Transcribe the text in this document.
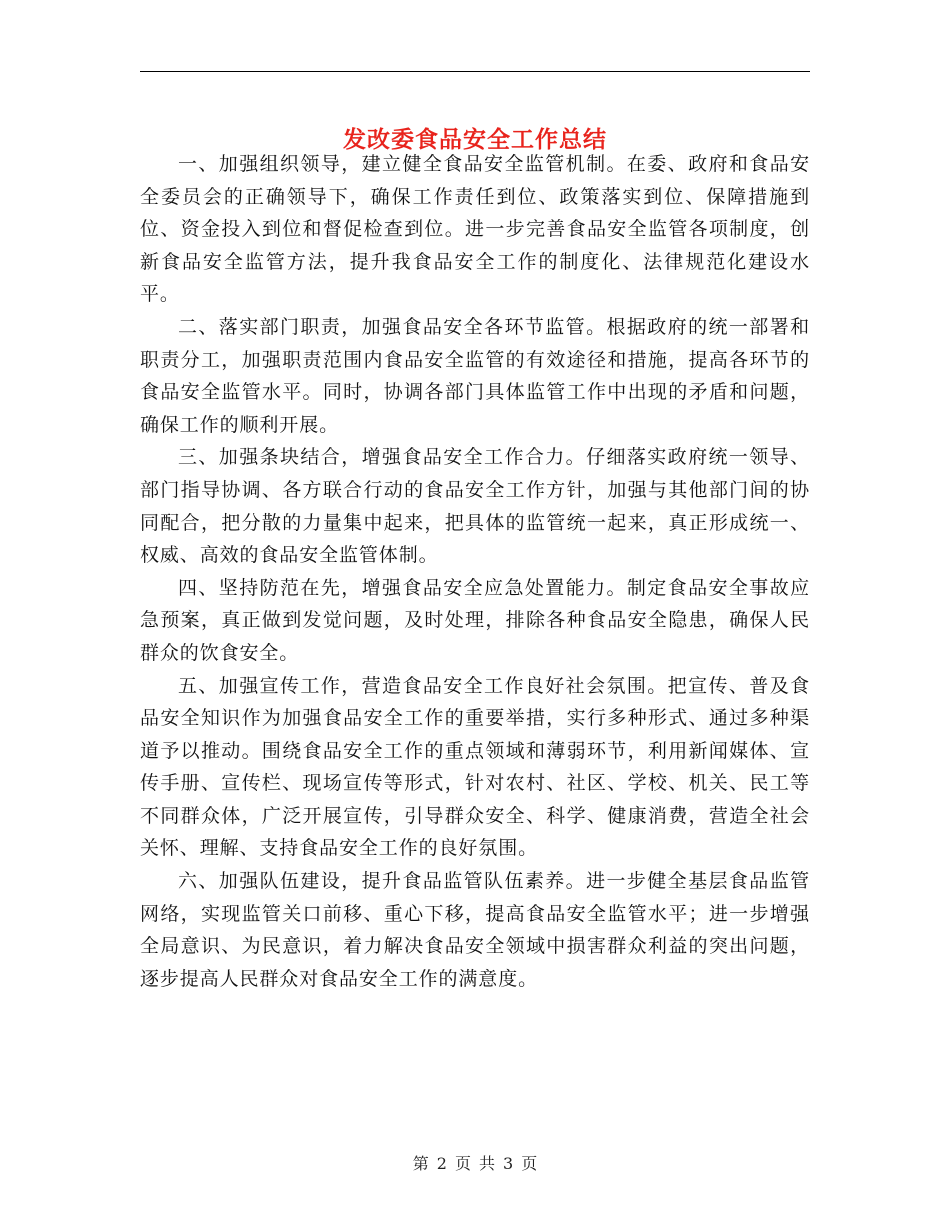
发改委食品安全工作总结

一、加强组织领导，建立健全食品安全监管机制。在委、政府和食品安全委员会的正确领导下，确保工作责任到位、政策落实到位、保障措施到位、资金投入到位和督促检查到位。进一步完善食品安全监管各项制度，创新食品安全监管方法，提升我食品安全工作的制度化、法律规范化建设水平。

二、落实部门职责，加强食品安全各环节监管。根据政府的统一部署和职责分工，加强职责范围内食品安全监管的有效途径和措施，提高各环节的食品安全监管水平。同时，协调各部门具体监管工作中出现的矛盾和问题，确保工作的顺利开展。

三、加强条块结合，增强食品安全工作合力。仔细落实政府统一领导、部门指导协调、各方联合行动的食品安全工作方针，加强与其他部门间的协同配合，把分散的力量集中起来，把具体的监管统一起来，真正形成统一、权威、高效的食品安全监管体制。

四、坚持防范在先，增强食品安全应急处置能力。制定食品安全事故应急预案，真正做到发觉问题，及时处理，排除各种食品安全隐患，确保人民群众的饮食安全。

五、加强宣传工作，营造食品安全工作良好社会氛围。把宣传、普及食品安全知识作为加强食品安全工作的重要举措，实行多种形式、通过多种渠道予以推动。围绕食品安全工作的重点领域和薄弱环节，利用新闻媒体、宣传手册、宣传栏、现场宣传等形式，针对农村、社区、学校、机关、民工等不同群众体，广泛开展宣传，引导群众安全、科学、健康消费，营造全社会关怀、理解、支持食品安全工作的良好氛围。

六、加强队伍建设，提升食品监管队伍素养。进一步健全基层食品监管网络，实现监管关口前移、重心下移，提高食品安全监管水平；进一步增强全局意识、为民意识，着力解决食品安全领域中损害群众利益的突出问题，逐步提高人民群众对食品安全工作的满意度。

第 2 页 共 3 页
